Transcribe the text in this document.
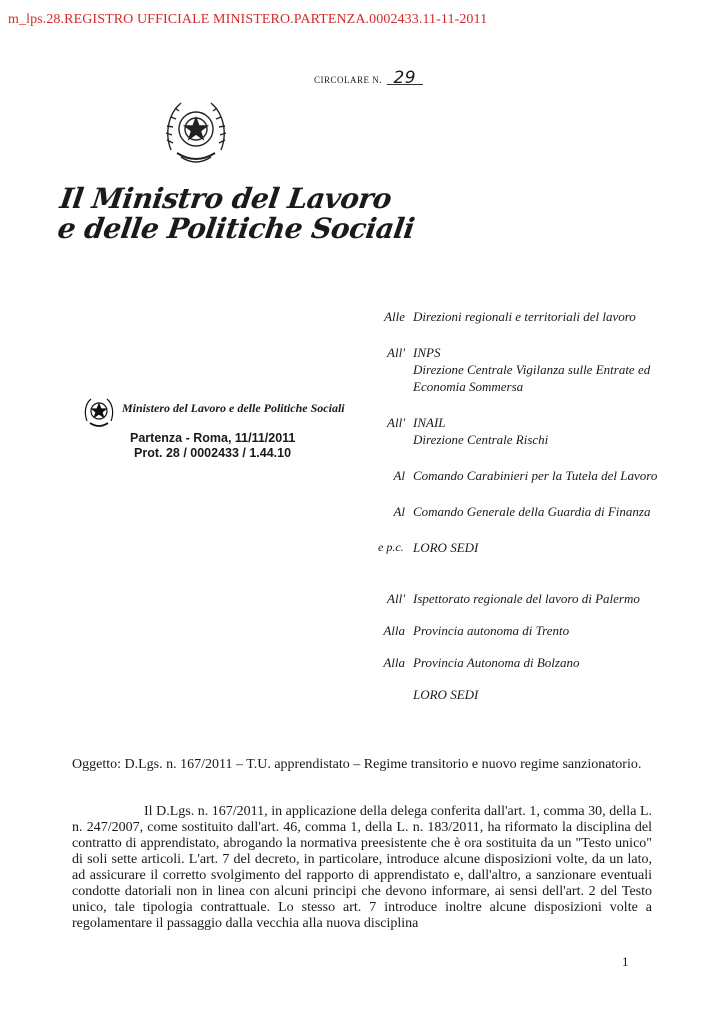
m_lps.28.REGISTRO UFFICIALE MINISTERO.PARTENZA.0002433.11-11-2011
CIRCOLARE N. 29
Il Ministro del Lavoro
e delle Politiche Sociali
Alle Direzioni regionali e territoriali del lavoro
All' INPS
Direzione Centrale Vigilanza sulle Entrate ed
Economia Sommersa
All' INAIL
Direzione Centrale Rischi
Al Comando Carabinieri per la Tutela del Lavoro
Al Comando Generale della Guardia di Finanza
LORO SEDI
e p.c.
All' Ispettorato regionale del lavoro di Palermo
Alla Provincia autonoma di Trento
Alla Provincia Autonoma di Bolzano
LORO SEDI
Ministero del Lavoro e delle Politiche Sociali
Partenza - Roma, 11/11/2011
Prot. 28 / 0002433 / 1.44.10
Oggetto: D.Lgs. n. 167/2011 – T.U. apprendistato – Regime transitorio e nuovo regime sanzionatorio.
Il D.Lgs. n. 167/2011, in applicazione della delega conferita dall'art. 1, comma 30, della L. n. 247/2007, come sostituito dall'art. 46, comma 1, della L. n. 183/2011, ha riformato la disciplina del contratto di apprendistato, abrogando la normativa preesistente che è ora sostituita da un "Testo unico" di soli sette articoli. L'art. 7 del decreto, in particolare, introduce alcune disposizioni volte, da un lato, ad assicurare il corretto svolgimento del rapporto di apprendistato e, dall'altro, a sanzionare eventuali condotte datoriali non in linea con alcuni principi che devono informare, ai sensi dell'art. 2 del Testo unico, tale tipologia contrattuale. Lo stesso art. 7 introduce inoltre alcune disposizioni volte a regolamentare il passaggio dalla vecchia alla nuova disciplina
1
